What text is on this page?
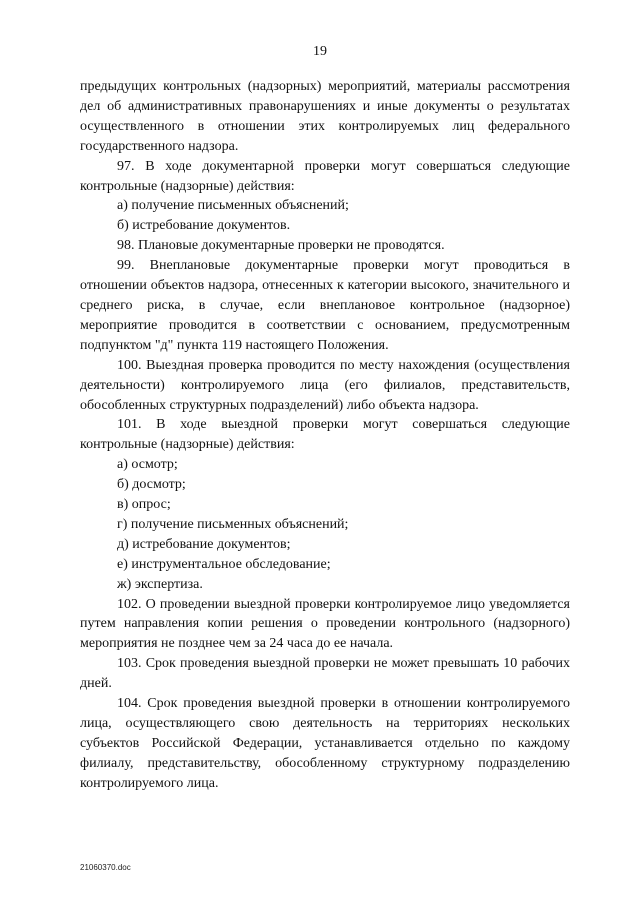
19

предыдущих контрольных (надзорных) мероприятий, материалы рассмотрения дел об административных правонарушениях и иные документы о результатах осуществленного в отношении этих контролируемых лиц федерального государственного надзора.

97. В ходе документарной проверки могут совершаться следующие контрольные (надзорные) действия:

а) получение письменных объяснений;

б) истребование документов.

98. Плановые документарные проверки не проводятся.

99. Внеплановые документарные проверки могут проводиться в отношении объектов надзора, отнесенных к категории высокого, значительного и среднего риска, в случае, если внеплановое контрольное (надзорное) мероприятие проводится в соответствии с основанием, предусмотренным подпунктом "д" пункта 119 настоящего Положения.

100. Выездная проверка проводится по месту нахождения (осуществления деятельности) контролируемого лица (его филиалов, представительств, обособленных структурных подразделений) либо объекта надзора.

101. В ходе выездной проверки могут совершаться следующие контрольные (надзорные) действия:

а) осмотр;

б) досмотр;

в) опрос;

г) получение письменных объяснений;

д) истребование документов;

е) инструментальное обследование;

ж) экспертиза.

102. О проведении выездной проверки контролируемое лицо уведомляется путем направления копии решения о проведении контрольного (надзорного) мероприятия не позднее чем за 24 часа до ее начала.

103. Срок проведения выездной проверки не может превышать 10 рабочих дней.

104. Срок проведения выездной проверки в отношении контролируемого лица, осуществляющего свою деятельность на территориях нескольких субъектов Российской Федерации, устанавливается отдельно по каждому филиалу, представительству, обособленному структурному подразделению контролируемого лица.

21060370.doc
